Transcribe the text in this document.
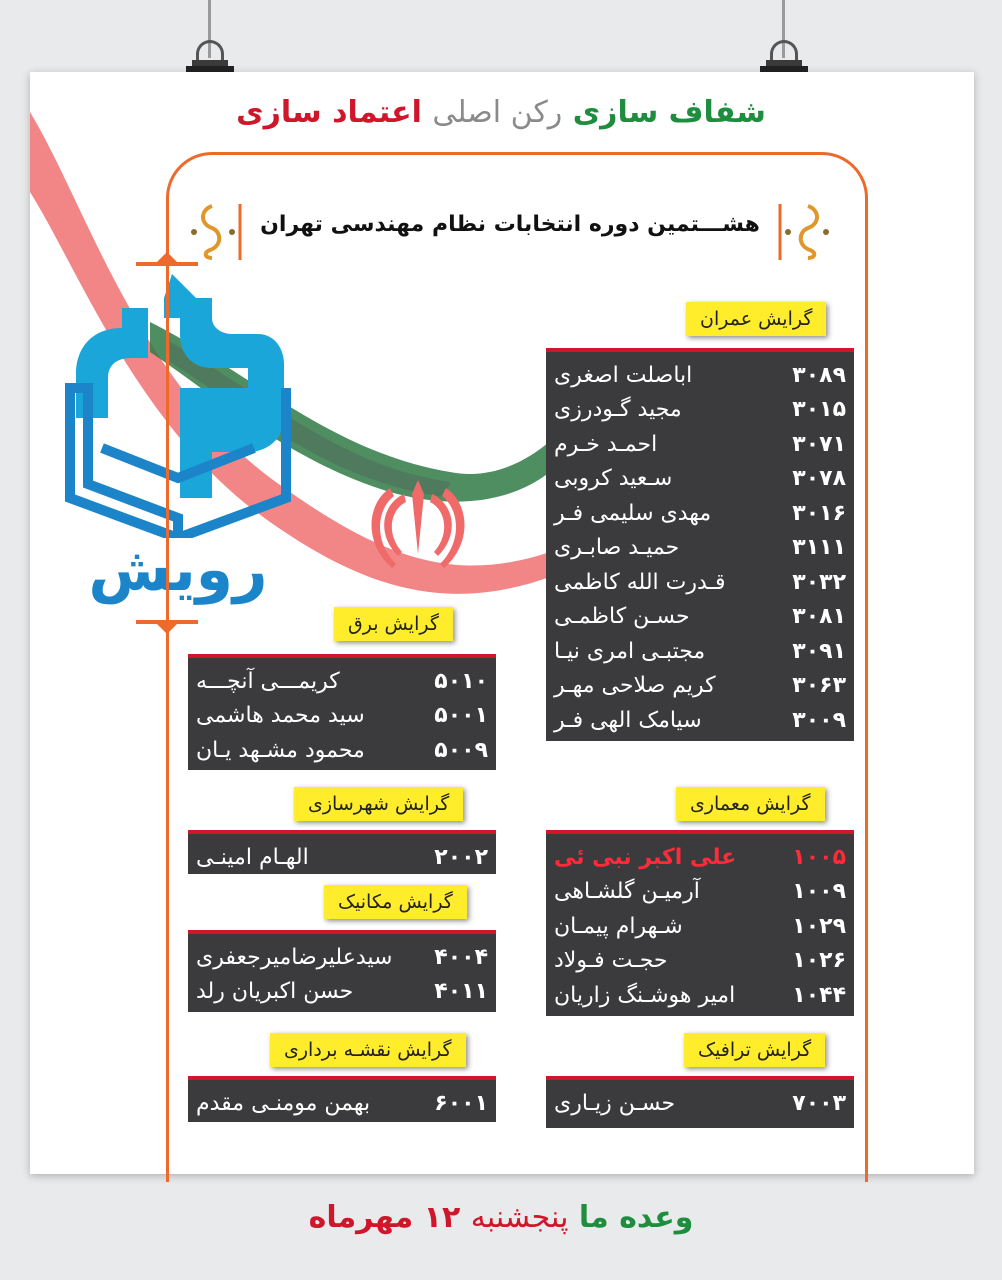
رویش
شفاف سازی رکن اصلی اعتماد سازی
هشـــتمین دوره انتخابات نظام مهندسی تهران
گرایش عمران
اباصلت اصغری	۳۰۸۹
مجید گـودرزی	۳۰۱۵
احمـد خـرم	۳۰۷۱
سـعید کروبی	۳۰۷۸
مهدی سلیمی فـر	۳۰۱۶
حمیـد صابـری	۳۱۱۱
قـدرت الله کاظمی	۳۰۳۲
حسـن کاظمـی	۳۰۸۱
مجتبـی امری نیـا	۳۰۹۱
کریم صلاحی مهـر	۳۰۶۳
سیامک الهی فـر	۳۰۰۹
گرایش برق
کریمـــی آنچـــه	۵۰۱۰
سید محمد هاشمی	۵۰۰۱
محمود مشـهد یـان	۵۰۰۹
گرایش شهرسازی
الهـام امینـی	۲۰۰۲
گرایش معماری
علی اکبر نبی ئی	۱۰۰۵
آرمیـن گلشـاهی	۱۰۰۹
شـهرام پیمـان	۱۰۲۹
حجـت فـولاد	۱۰۲۶
امیر هوشـنگ زاریان	۱۰۴۴
گرایش مکانیک
سیدعلیرضامیرجعفری ۴۰۰۴
حسن اکبریان رلد	۴۰۱۱
گرایش نقشـه برداری
بهمن مومنـی مقدم	۶۰۰۱
گرایش ترافیک
حسـن زیـاری	۷۰۰۳
وعده ما پنجشنبه ۱۲ مهرماه
